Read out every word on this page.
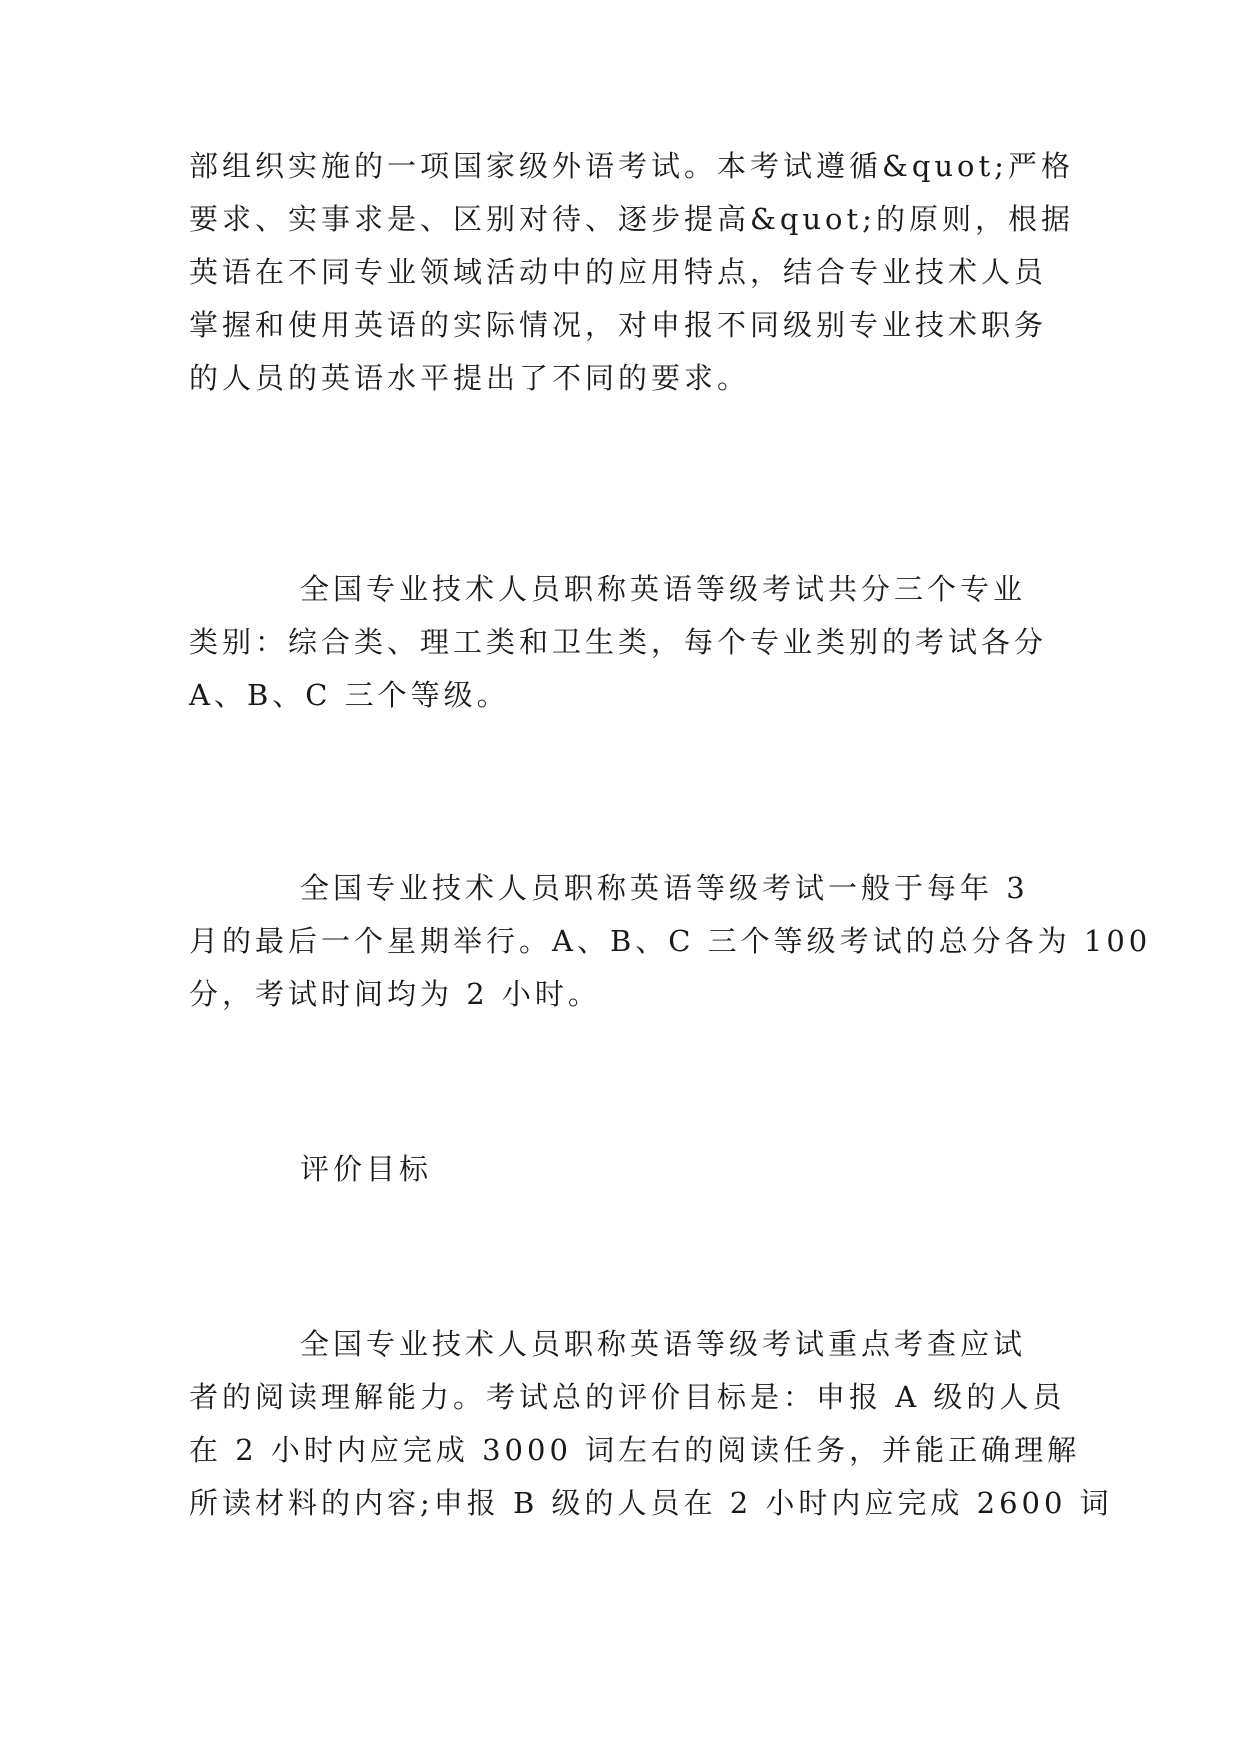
部组织实施的一项国家级外语考试。本考试遵循&quot;严格
要求、实事求是、区别对待、逐步提高&quot;的原则，根据
英语在不同专业领域活动中的应用特点，结合专业技术人员
掌握和使用英语的实际情况，对申报不同级别专业技术职务
的人员的英语水平提出了不同的要求。
全国专业技术人员职称英语等级考试共分三个专业
类别：综合类、理工类和卫生类，每个专业类别的考试各分
A、B、C 三个等级。
全国专业技术人员职称英语等级考试一般于每年 3
月的最后一个星期举行。A、B、C 三个等级考试的总分各为 100
分，考试时间均为 2 小时。
评价目标
全国专业技术人员职称英语等级考试重点考查应试
者的阅读理解能力。考试总的评价目标是：申报 A 级的人员
在 2 小时内应完成 3000 词左右的阅读任务，并能正确理解
所读材料的内容;申报 B 级的人员在 2 小时内应完成 2600 词
